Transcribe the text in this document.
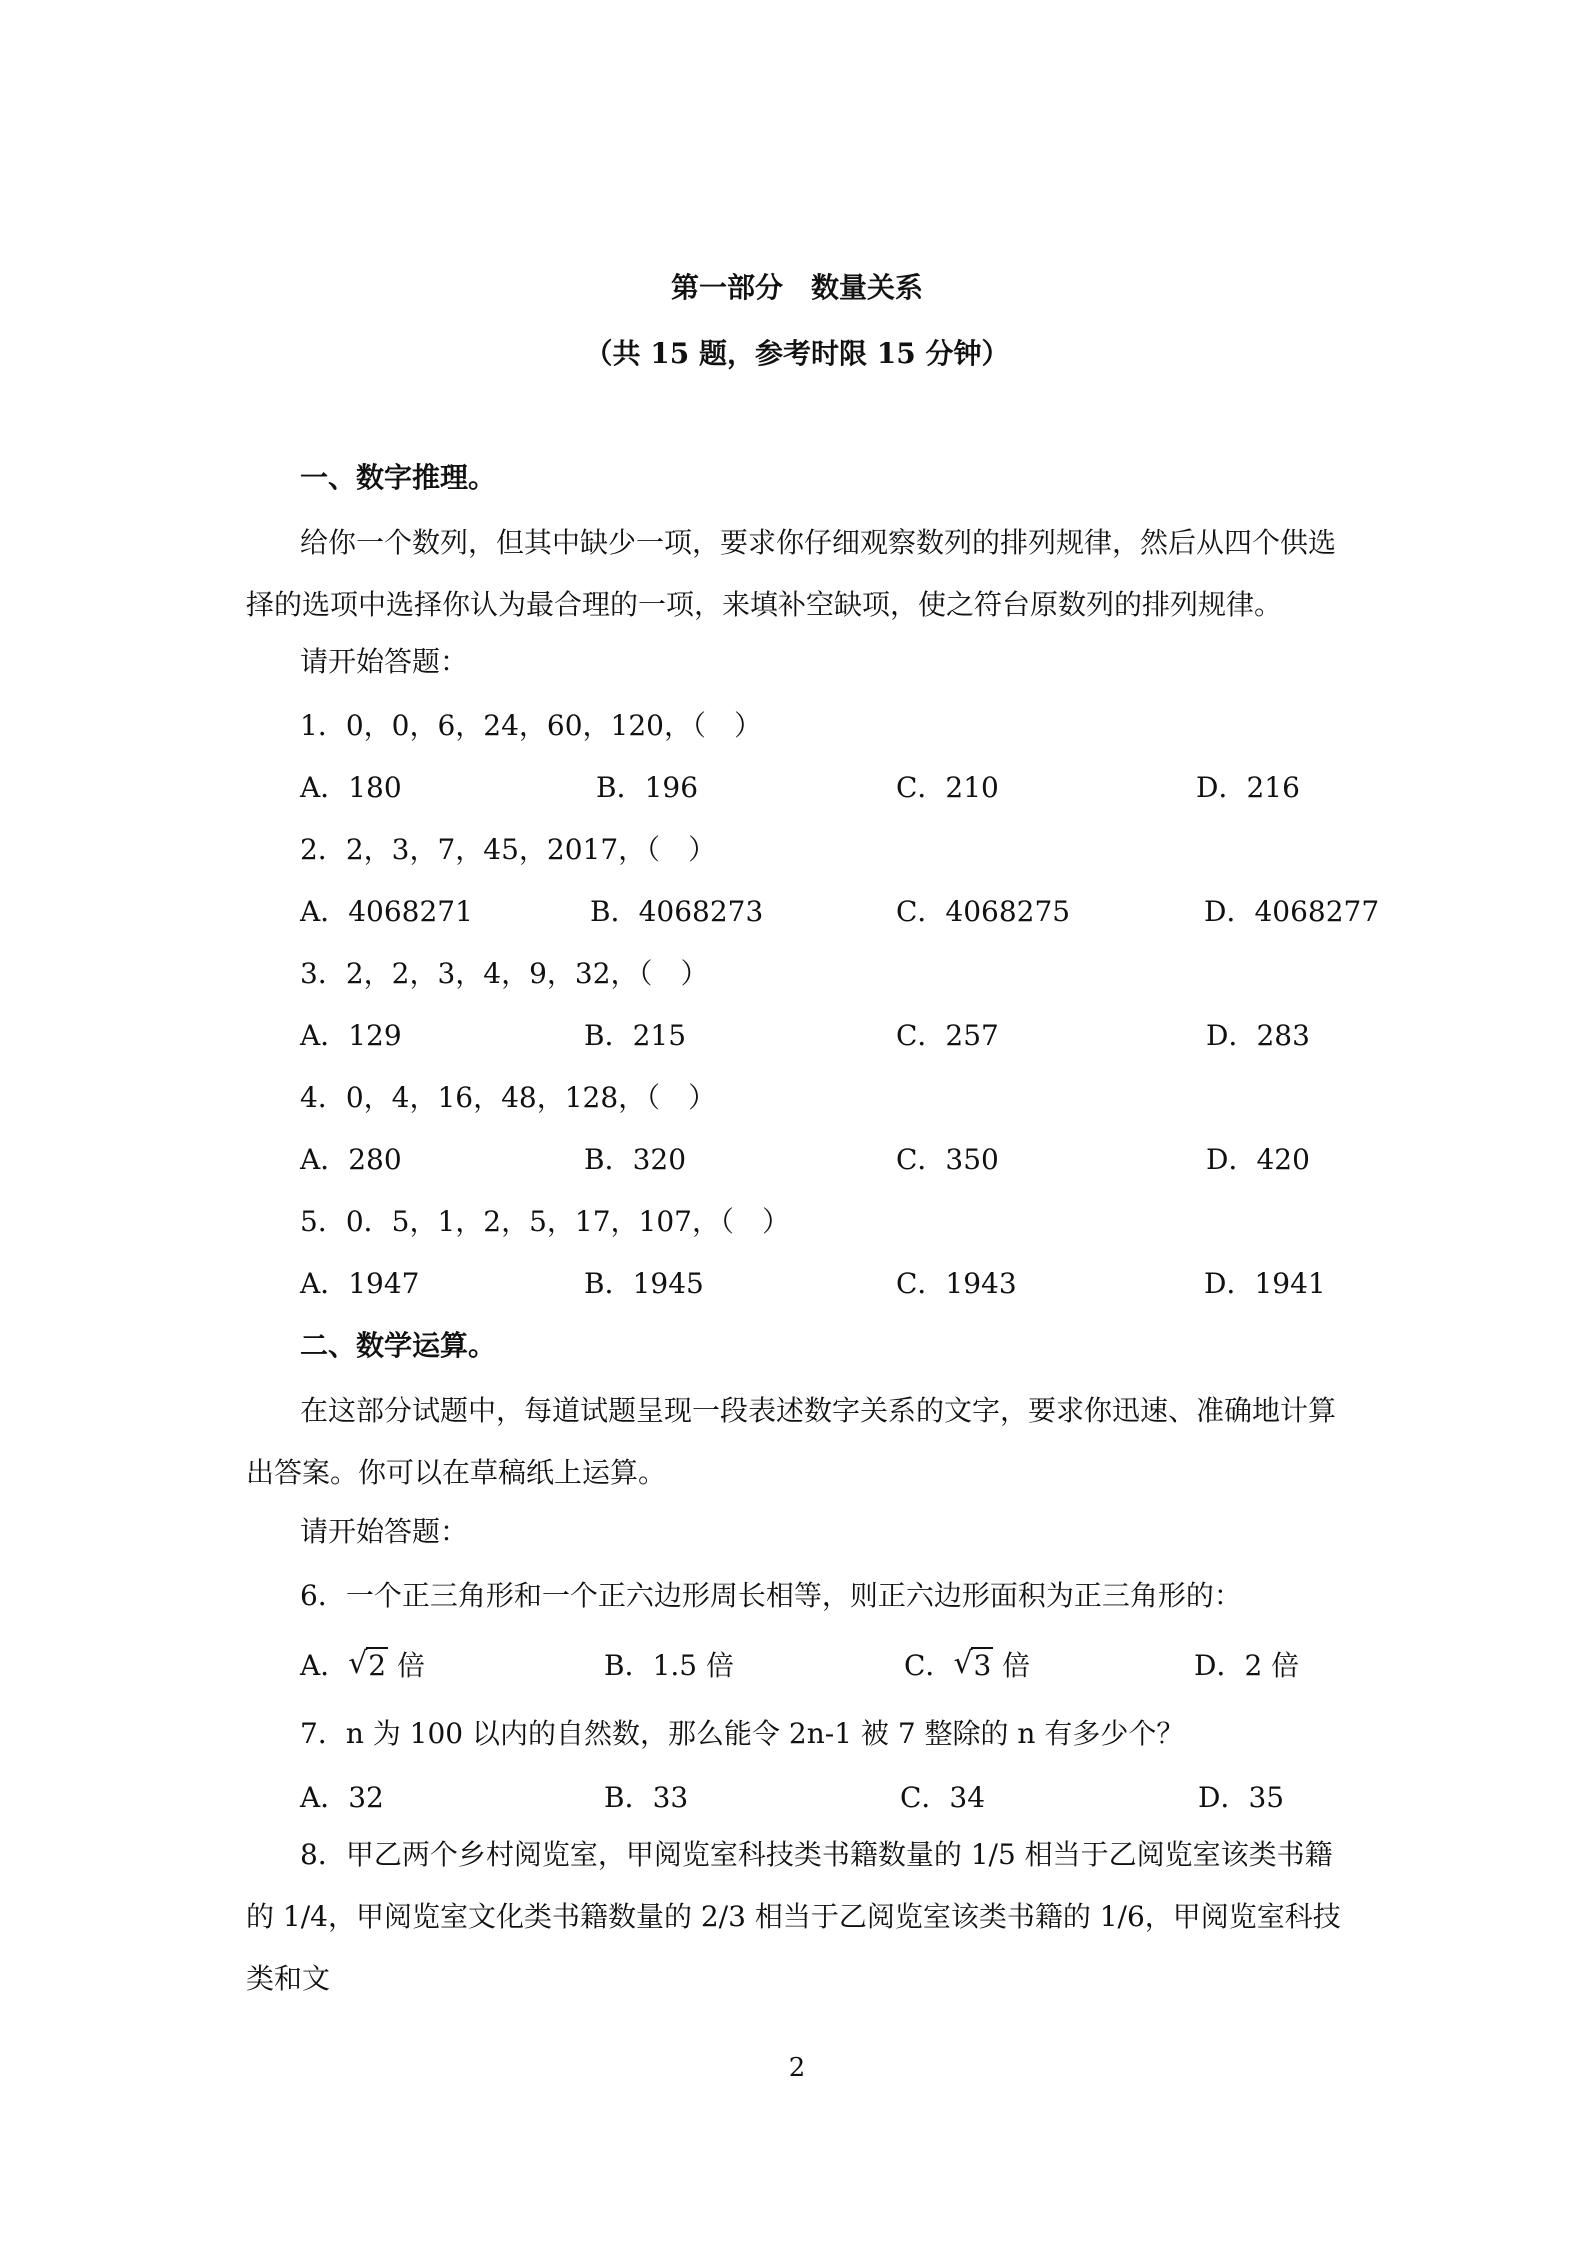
第一部分　数量关系
（共 15 题，参考时限 15 分钟）
一、数字推理。
给你一个数列，但其中缺少一项，要求你仔细观察数列的排列规律，然后从四个供选择的选项中选择你认为最合理的一项，来填补空缺项，使之符台原数列的排列规律。
请开始答题：
1．0，0，6，24，60，120，（　）
A．180	B．196	C．210	D．216
2．2，3，7，45，2017，（　）
A．4068271	B．4068273	C．4068275	D．4068277
3．2，2，3，4，9，32，（　）
A．129	B．215	C．257	D．283
4．0，4，16，48，128，（　）
A．280	B．320	C．350	D．420
5．0．5，1，2，5，17，107，（　）
A．1947	B．1945	C．1943	D．1941
二、数学运算。
在这部分试题中，每道试题呈现一段表述数字关系的文字，要求你迅速、准确地计算出答案。你可以在草稿纸上运算。
请开始答题：
6．一个正三角形和一个正六边形周长相等，则正六边形面积为正三角形的：
A． √ 2 倍	B．1.5 倍	C． √ 3 倍	D．2 倍
7．n 为 100 以内的自然数，那么能令 2n-1 被 7 整除的 n 有多少个？
A．32	B．33	C．34	D．35
8．甲乙两个乡村阅览室，甲阅览室科技类书籍数量的 1/5 相当于乙阅览室该类书籍的 1/4，甲阅览室文化类书籍数量的 2/3 相当于乙阅览室该类书籍的 1/6，甲阅览室科技类和文
2
